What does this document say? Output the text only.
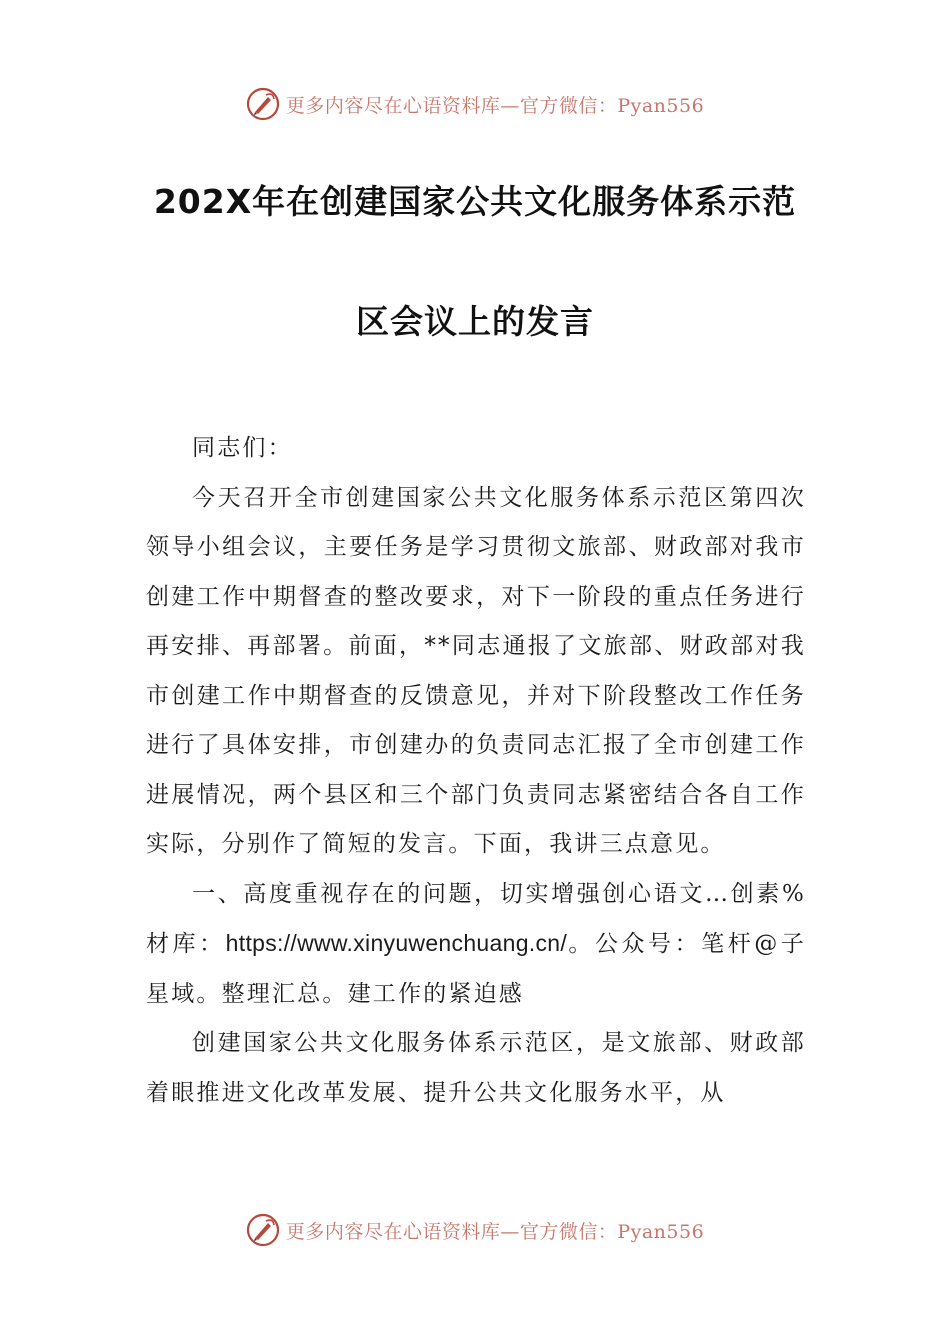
更多内容尽在心语资料库—官方微信：Pyan556
202X年在创建国家公共文化服务体系示范
区会议上的发言

同志们：

今天召开全市创建国家公共文化服务体系示范区第四次领导小组会议，主要任务是学习贯彻文旅部、财政部对我市创建工作中期督查的整改要求，对下一阶段的重点任务进行再安排、再部署。前面，**同志通报了文旅部、财政部对我市创建工作中期督查的反馈意见，并对下阶段整改工作任务进行了具体安排，市创建办的负责同志汇报了全市创建工作进展情况，两个县区和三个部门负责同志紧密结合各自工作实际，分别作了简短的发言。下面，我讲三点意见。

一、高度重视存在的问题，切实增强创心语文…创素%材库：https://www.xinyuwenchuang.cn/。公众号：笔杆@子星域。整理汇总。建工作的紧迫感

创建国家公共文化服务体系示范区，是文旅部、财政部着眼推进文化改革发展、提升公共文化服务水平，从

更多内容尽在心语资料库—官方微信：Pyan556
